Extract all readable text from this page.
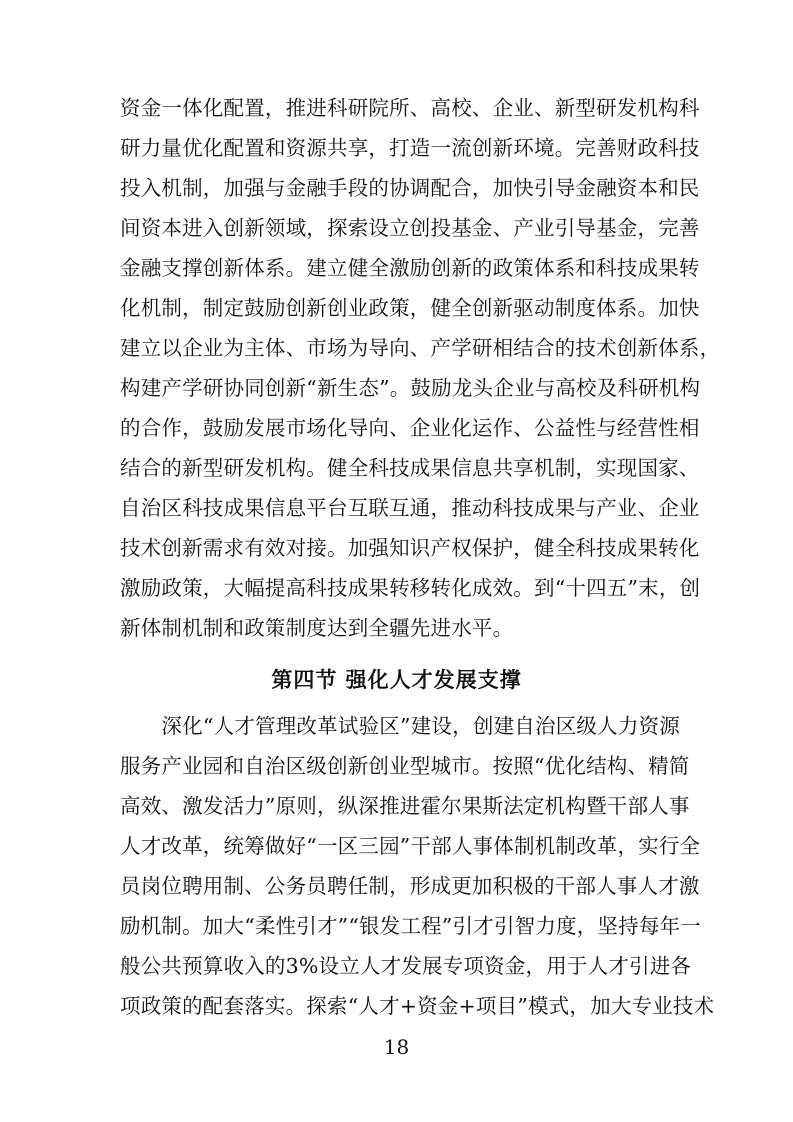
资金一体化配置，推进科研院所、高校、企业、新型研发机构科
研力量优化配置和资源共享，打造一流创新环境。完善财政科技
投入机制，加强与金融手段的协调配合，加快引导金融资本和民
间资本进入创新领域，探索设立创投基金、产业引导基金，完善
金融支撑创新体系。建立健全激励创新的政策体系和科技成果转
化机制，制定鼓励创新创业政策，健全创新驱动制度体系。加快
建立以企业为主体、市场为导向、产学研相结合的技术创新体系，
构建产学研协同创新“新生态”。鼓励龙头企业与高校及科研机构
的合作，鼓励发展市场化导向、企业化运作、公益性与经营性相
结合的新型研发机构。健全科技成果信息共享机制，实现国家、
自治区科技成果信息平台互联互通，推动科技成果与产业、企业
技术创新需求有效对接。加强知识产权保护，健全科技成果转化
激励政策，大幅提高科技成果转移转化成效。到“十四五”末，创
新体制机制和政策制度达到全疆先进水平。
第四节 强化人才发展支撑
　　深化“人才管理改革试验区”建设，创建自治区级人力资源
服务产业园和自治区级创新创业型城市。按照“优化结构、精简
高效、激发活力”原则，纵深推进霍尔果斯法定机构暨干部人事
人才改革，统筹做好“一区三园”干部人事体制机制改革，实行全
员岗位聘用制、公务员聘任制，形成更加积极的干部人事人才激
励机制。加大“柔性引才”“银发工程”引才引智力度，坚持每年一
般公共预算收入的3%设立人才发展专项资金，用于人才引进各
项政策的配套落实。探索“人才+资金+项目”模式，加大专业技术
18
